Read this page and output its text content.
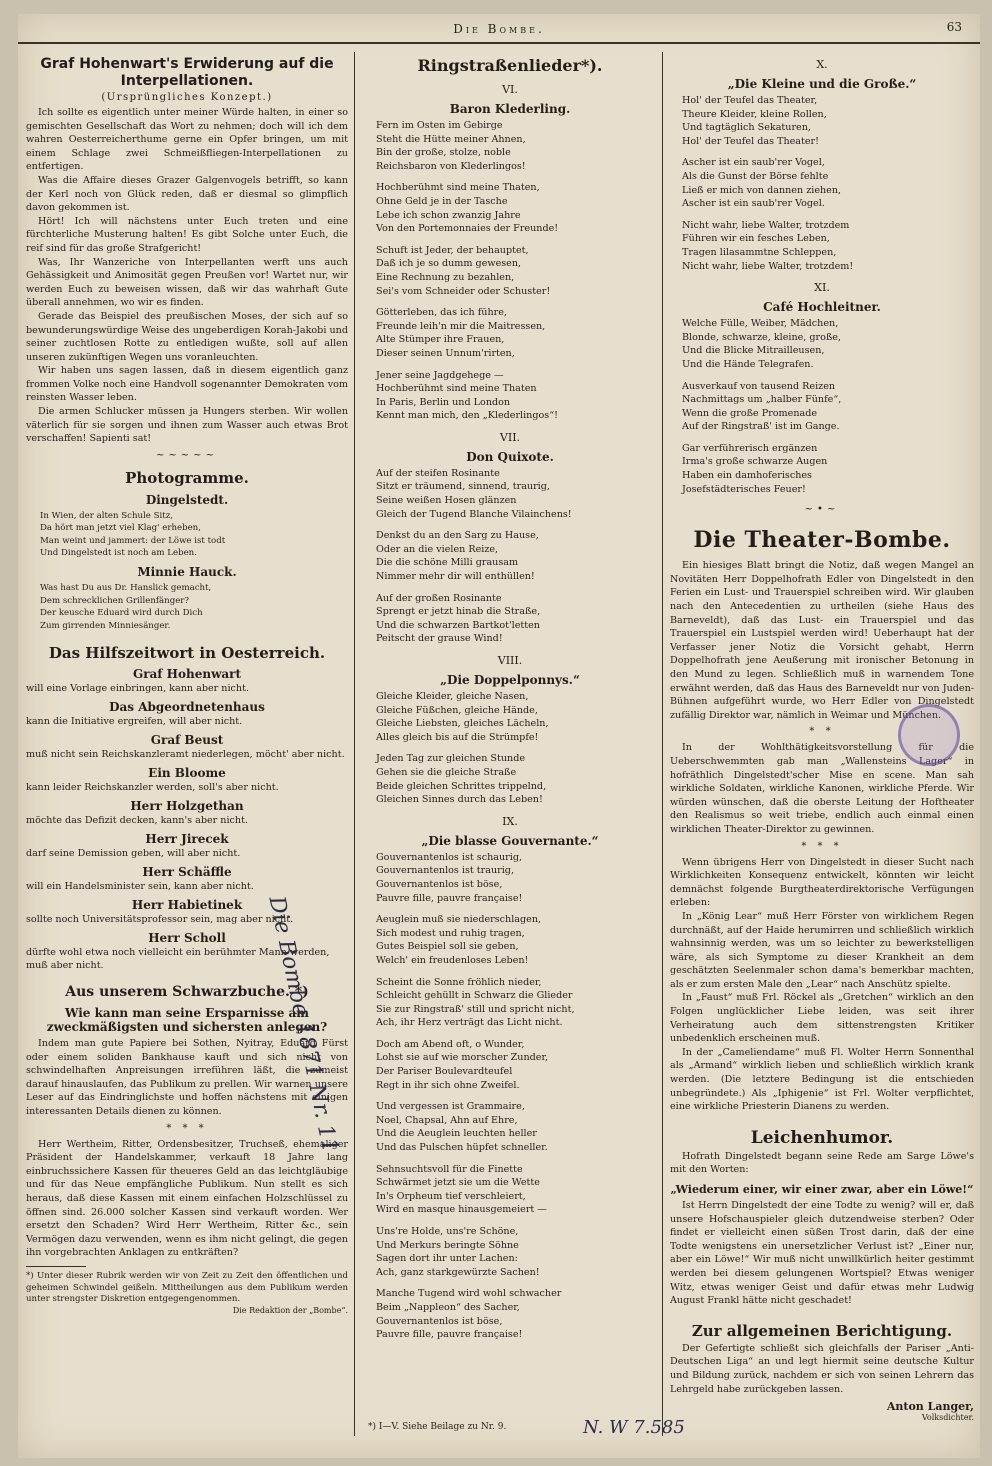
Die Bombe.	63
Graf Hohenwart's Erwiderung auf die Interpellationen.
(Ursprüngliches Konzept.)

Ich sollte es eigentlich unter meiner Würde halten, in einer so gemischten Gesellschaft das Wort zu nehmen; doch will ich dem wahren Oesterreicherthume gerne ein Opfer bringen, um mit einem Schlage zwei Schmeißfliegen-Interpellationen zu entfertigen.

Was die Affaire dieses Grazer Galgenvogels betrifft, so kann der Kerl noch von Glück reden, daß er diesmal so glimpflich davon gekommen ist.

Hört! Ich will nächstens unter Euch treten und eine fürchterliche Musterung halten! Es gibt Solche unter Euch, die reif sind für das große Strafgericht!

Was, Ihr Wanzeriche von Interpellanten werft uns auch Gehässigkeit und Animosität gegen Preußen vor! Wartet nur, wir werden Euch zu beweisen wissen, daß wir das wahrhaft Gute überall annehmen, wo wir es finden.

Gerade das Beispiel des preußischen Moses, der sich auf so bewunderungswürdige Weise des ungeberdigen Korah-Jakobi und seiner zuchtlosen Rotte zu entledigen wußte, soll auf allen unseren zukünftigen Wegen uns voranleuchten.

Wir haben uns sagen lassen, daß in diesem eigentlich ganz frommen Volke noch eine Handvoll sogenannter Demokraten vom reinsten Wasser leben.

Die armen Schlucker müssen ja Hungers sterben. Wir wollen väterlich für sie sorgen und ihnen zum Wasser auch etwas Brot verschaffen! Sapienti sat!

~~~~~
Photogramme.
Dingelstedt.
In Wien, der alten Schule Sitz,
Da hört man jetzt viel Klag' erheben,
Man weint und jammert: der Löwe ist todt
Und Dingelstedt ist noch am Leben.
Minnie Hauck.
Was hast Du aus Dr. Hanslick gemacht,
Dem schrecklichen Grillenfänger?
Der keusche Eduard wird durch Dich
Zum girrenden Minniesänger.
Das Hilfszeitwort in Oesterreich.
Graf Hohenwart
will eine Vorlage einbringen, kann aber nicht.
Das Abgeordnetenhaus
kann die Initiative ergreifen, will aber nicht.
Graf Beust
muß nicht sein Reichskanzleramt niederlegen, möcht' aber nicht.
Ein Bloome
kann leider Reichskanzler werden, soll's aber nicht.
Herr Holzgethan
möchte das Defizit decken, kann's aber nicht.
Herr Jirecek
darf seine Demission geben, will aber nicht.
Herr Schäffle
will ein Handelsminister sein, kann aber nicht.
Herr Habietinek
sollte noch Universitätsprofessor sein, mag aber nicht.
Herr Scholl
dürfte wohl etwa noch vielleicht ein berühmter Mann werden, muß aber nicht.
Aus unserem Schwarzbuche. *)
Wie kann man seine Ersparnisse am zweckmäßigsten und sichersten anlegen?

Indem man gute Papiere bei Sothen, Nyitray, Eduard Fürst oder einem soliden Bankhause kauft und sich nicht von schwindelhaften Anpreisungen irreführen läßt, die zumeist darauf hinauslaufen, das Publikum zu prellen. Wir warnen unsere Leser auf das Eindringlichste und hoffen nächstens mit einigen interessanten Details dienen zu können.

* * *

Herr Wertheim, Ritter, Ordensbesitzer, Truchseß, ehemaliger Präsident der Handelskammer, verkauft 18 Jahre lang einbruchssichere Kassen für theueres Geld an das leichtgläubige und für das Neue empfängliche Publikum. Nun stellt es sich heraus, daß diese Kassen mit einem einfachen Holzschlüssel zu öffnen sind. 26.000 solcher Kassen sind verkauft worden. Wer ersetzt den Schaden? Wird Herr Wertheim, Ritter &c., sein Vermögen dazu verwenden, wenn es ihm nicht gelingt, die gegen ihn vorgebrachten Anklagen zu entkräften?

*) Unter dieser Rubrik werden wir von Zeit zu Zeit den öffentlichen und geheimen Schwindel geißeln. Mittheilungen aus dem Publikum werden unter strengster Diskretion entgegengenommen.
Die Redaktion der „Bombe“.
Ringstraßenlieder*).
VI.
Baron Klederling.
Fern im Osten im Gebirge
Steht die Hütte meiner Ahnen,
Bin der große, stolze, noble
Reichsbaron von Klederlingos!
Hochberühmt sind meine Thaten,
Ohne Geld je in der Tasche
Lebe ich schon zwanzig Jahre
Von den Portemonnaies der Freunde!
Schuft ist Jeder, der behauptet,
Daß ich je so dumm gewesen,
Eine Rechnung zu bezahlen,
Sei's vom Schneider oder Schuster!
Götterleben, das ich führe,
Freunde leih'n mir die Maitressen,
Alte Stümper ihre Frauen,
Dieser seinen Unnum'rirten,
Jener seine Jagdgehege —
Hochberühmt sind meine Thaten
In Paris, Berlin und London
Kennt man mich, den „Klederlingos“!
VII.
Don Quixote.
Auf der steifen Rosinante
Sitzt er träumend, sinnend, traurig,
Seine weißen Hosen glänzen
Gleich der Tugend Blanche Vilainchens!
Denkst du an den Sarg zu Hause,
Oder an die vielen Reize,
Die die schöne Milli grausam
Nimmer mehr dir will enthüllen!
Auf der großen Rosinante
Sprengt er jetzt hinab die Straße,
Und die schwarzen Bartkot'letten
Peitscht der grause Wind!
VIII.
„Die Doppelponnys.“
Gleiche Kleider, gleiche Nasen,
Gleiche Füßchen, gleiche Hände,
Gleiche Liebsten, gleiches Lächeln,
Alles gleich bis auf die Strümpfe!
Jeden Tag zur gleichen Stunde
Gehen sie die gleiche Straße
Beide gleichen Schrittes trippelnd,
Gleichen Sinnes durch das Leben!
IX.
„Die blasse Gouvernante.“
Gouvernantenlos ist schaurig,
Gouvernantenlos ist traurig,
Gouvernantenlos ist böse,
Pauvre fille, pauvre française!
Aeuglein muß sie niederschlagen,
Sich modest und ruhig tragen,
Gutes Beispiel soll sie geben,
Welch' ein freudenloses Leben!
Scheint die Sonne fröhlich nieder,
Schleicht gehüllt in Schwarz die Glieder
Sie zur Ringstraß' still und spricht nicht,
Ach, ihr Herz verträgt das Licht nicht.
Doch am Abend oft, o Wunder,
Lohst sie auf wie morscher Zunder,
Der Pariser Boulevardteufel
Regt in ihr sich ohne Zweifel.
Und vergessen ist Grammaire,
Noel, Chapsal, Ahn auf Ehre,
Und die Aeuglein leuchten heller
Und das Pulschen hüpfet schneller.
Sehnsuchtsvoll für die Finette
Schwärmet jetzt sie um die Wette
In's Orpheum tief verschleiert,
Wird en masque hinausgemeiert —
Uns're Holde, uns're Schöne,
Und Merkurs beringte Söhne
Sagen dort ihr unter Lachen:
Ach, ganz starkgewürzte Sachen!
Manche Tugend wird wohl schwacher
Beim „Nappleon“ des Sacher,
Gouvernantenlos ist böse,
Pauvre fille, pauvre française!
*) I—V. Siehe Beilage zu Nr. 9.
X.
„Die Kleine und die Große.“
Hol' der Teufel das Theater,
Theure Kleider, kleine Rollen,
Und tagtäglich Sekaturen,
Hol' der Teufel das Theater!
Ascher ist ein saub'rer Vogel,
Als die Gunst der Börse fehlte
Ließ er mich von dannen ziehen,
Ascher ist ein saub'rer Vogel.
Nicht wahr, liebe Walter, trotzdem
Führen wir ein fesches Leben,
Tragen lilasammtne Schleppen,
Nicht wahr, liebe Walter, trotzdem!
XI.
Café Hochleitner.
Welche Fülle, Weiber, Mädchen,
Blonde, schwarze, kleine, große,
Und die Blicke Mitrailleusen,
Und die Hände Telegrafen.
Ausverkauf von tausend Reizen
Nachmittags um „halber Fünfe“,
Wenn die große Promenade
Auf der Ringstraß' ist im Gange.
Gar verführerisch ergänzen
Irma's große schwarze Augen
Haben ein damhoferisches
Josefstädterisches Feuer!
~•~
Die Theater-Bombe.

Ein hiesiges Blatt bringt die Notiz, daß wegen Mangel an Novitäten Herr Doppelhofrath Edler von Dingelstedt in den Ferien ein Lust- und Trauerspiel schreiben wird. Wir glauben nach den Antecedentien zu urtheilen (siehe Haus des Barneveldt), daß das Lust- ein Trauerspiel und das Trauerspiel ein Lustspiel werden wird! Ueberhaupt hat der Verfasser jener Notiz die Vorsicht gehabt, Herrn Doppelhofrath jene Aeußerung mit ironischer Betonung in den Mund zu legen. Schließlich muß in warnendem Tone erwähnt werden, daß das Haus des Barneveldt nur von Juden-Bühnen aufgeführt wurde, wo Herr Edler von Dingelstedt zufällig Direktor war, nämlich in Weimar und München.

* *

In der Wohlthätigkeitsvorstellung für die Ueberschwemmten gab man „Wallensteins Lager“ in hofräthlich Dingelstedt'scher Mise en scene. Man sah wirkliche Soldaten, wirkliche Kanonen, wirkliche Pferde. Wir würden wünschen, daß die oberste Leitung der Hoftheater den Realismus so weit triebe, endlich auch einmal einen wirklichen Theater-Direktor zu gewinnen.

* * *

Wenn übrigens Herr von Dingelstedt in dieser Sucht nach Wirklichkeiten Konsequenz entwickelt, könnten wir leicht demnächst folgende Burgtheaterdirektorische Verfügungen erleben:

In „König Lear“ muß Herr Förster von wirklichem Regen durchnäßt, auf der Haide herumirren und schließlich wirklich wahnsinnig werden, was um so leichter zu bewerkstelligen wäre, als sich Symptome zu dieser Krankheit an dem geschätzten Seelenmaler schon dama's bemerkbar machten, als er zum ersten Male den „Lear“ nach Anschütz spielte.

In „Faust“ muß Frl. Röckel als „Gretchen“ wirklich an den Folgen unglücklicher Liebe leiden, was seit ihrer Verheiratung auch dem sittenstrengsten Kritiker unbedenklich erscheinen muß.

In der „Cameliendame“ muß Fl. Wolter Herrn Sonnenthal als „Armand“ wirklich lieben und schließlich wirklich krank werden. (Die letztere Bedingung ist die entschieden unbegründete.) Als „Iphigenie“ ist Frl. Wolter verpflichtet, eine wirkliche Priesterin Dianens zu werden.

Leichenhumor.

Hofrath Dingelstedt begann seine Rede am Sarge Löwe's mit den Worten:

„Wiederum einer, wir einer zwar, aber ein Löwe!“

Ist Herrn Dingelstedt der eine Todte zu wenig? will er, daß unsere Hofschauspieler gleich dutzendweise sterben? Oder findet er vielleicht einen süßen Trost darin, daß der eine Todte wenigstens ein unersetzlicher Verlust ist? „Einer nur, aber ein Löwe!“ Wir muß nicht unwillkürlich heiter gestimmt werden bei diesem gelungenen Wortspiel? Etwas weniger Witz, etwas weniger Geist und dafür etwas mehr Ludwig August Frankl hätte nicht geschadet!

Zur allgemeinen Berichtigung.

Der Gefertigte schließt sich gleichfalls der Pariser „Anti-Deutschen Liga“ an und legt hiermit seine deutsche Kultur und Bildung zurück, nachdem er sich von seinen Lehrern das Lehrgeld habe zurückgeben lassen.

Anton Langer,
Volksdichter.
Die Bombe 1871 Nr. 11
N. W 7.585
